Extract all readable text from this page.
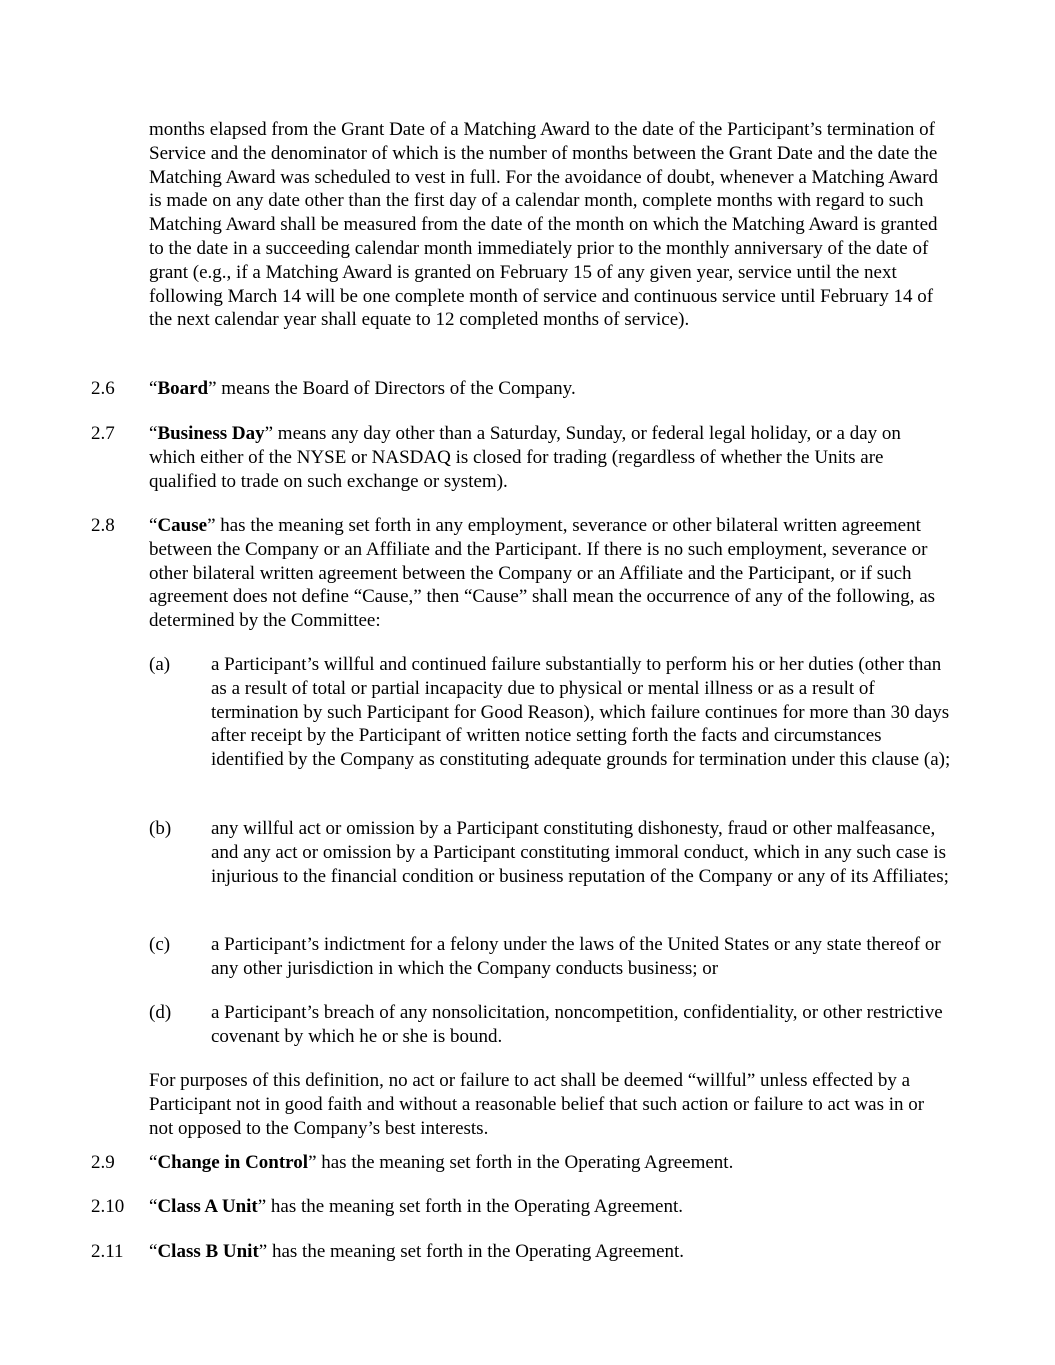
months elapsed from the Grant Date of a Matching Award to the date of the Participant’s termination of Service and the denominator of which is the number of months between the Grant Date and the date the Matching Award was scheduled to vest in full. For the avoidance of doubt, whenever a Matching Award is made on any date other than the first day of a calendar month, complete months with regard to such Matching Award shall be measured from the date of the month on which the Matching Award is granted to the date in a succeeding calendar month immediately prior to the monthly anniversary of the date of grant (e.g., if a Matching Award is granted on February 15 of any given year, service until the next following March 14 will be one complete month of service and continuous service until February 14 of the next calendar year shall equate to 12 completed months of service).

2.6 “Board” means the Board of Directors of the Company.

2.7 “Business Day” means any day other than a Saturday, Sunday, or federal legal holiday, or a day on which either of the NYSE or NASDAQ is closed for trading (regardless of whether the Units are qualified to trade on such exchange or system).

2.8 “Cause” has the meaning set forth in any employment, severance or other bilateral written agreement between the Company or an Affiliate and the Participant. If there is no such employment, severance or other bilateral written agreement between the Company or an Affiliate and the Participant, or if such agreement does not define “Cause,” then “Cause” shall mean the occurrence of any of the following, as determined by the Committee:

(a) a Participant’s willful and continued failure substantially to perform his or her duties (other than as a result of total or partial incapacity due to physical or mental illness or as a result of termination by such Participant for Good Reason), which failure continues for more than 30 days after receipt by the Participant of written notice setting forth the facts and circumstances identified by the Company as constituting adequate grounds for termination under this clause (a);

(b) any willful act or omission by a Participant constituting dishonesty, fraud or other malfeasance, and any act or omission by a Participant constituting immoral conduct, which in any such case is injurious to the financial condition or business reputation of the Company or any of its Affiliates;

(c) a Participant’s indictment for a felony under the laws of the United States or any state thereof or any other jurisdiction in which the Company conducts business; or

(d) a Participant’s breach of any nonsolicitation, noncompetition, confidentiality, or other restrictive covenant by which he or she is bound.

For purposes of this definition, no act or failure to act shall be deemed “willful” unless effected by a Participant not in good faith and without a reasonable belief that such action or failure to act was in or not opposed to the Company’s best interests.

2.9 “Change in Control” has the meaning set forth in the Operating Agreement.

2.10 “Class A Unit” has the meaning set forth in the Operating Agreement.

2.11 “Class B Unit” has the meaning set forth in the Operating Agreement.
